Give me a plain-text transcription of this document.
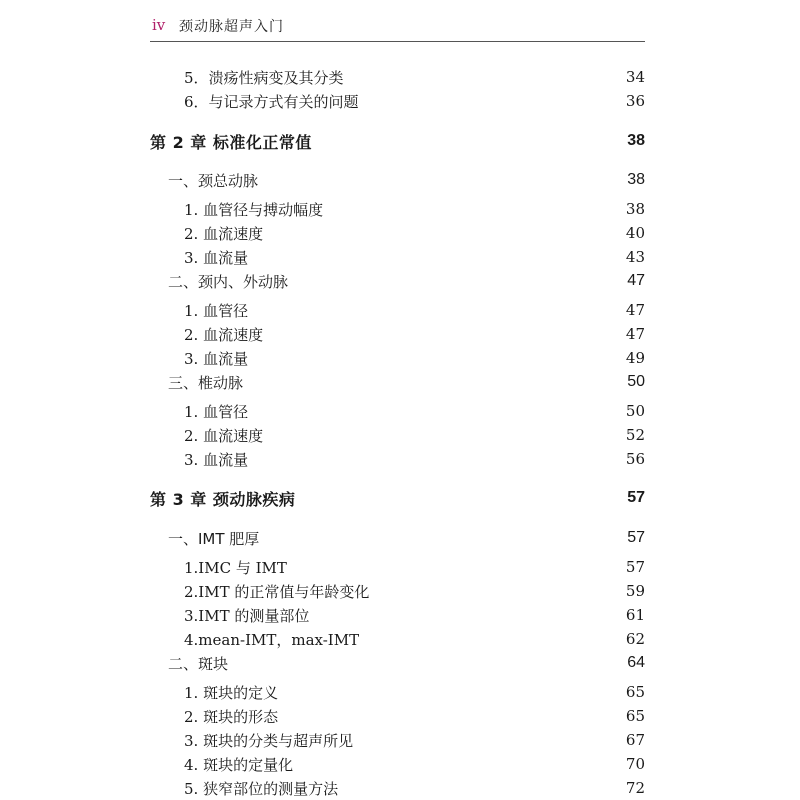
iv 颈动脉超声入门
5．溃疡性病变及其分类	34
6．与记录方式有关的问题	36
第 2 章 标准化正常值	38
一、颈总动脉	38
1. 血管径与搏动幅度	38
2. 血流速度	40
3. 血流量	43
二、颈内、外动脉	47
1. 血管径	47
2. 血流速度	47
3. 血流量	49
三、椎动脉	50
1. 血管径	50
2. 血流速度	52
3. 血流量	56
第 3 章 颈动脉疾病	57
一、IMT 肥厚	57
1.IMC 与 IMT	57
2.IMT 的正常值与年龄变化	59
3.IMT 的测量部位	61
4.mean-IMT，max-IMT	62
二、斑块	64
1. 斑块的定义	65
2. 斑块的形态	65
3. 斑块的分类与超声所见	67
4. 斑块的定量化	70
5. 狭窄部位的测量方法	72
